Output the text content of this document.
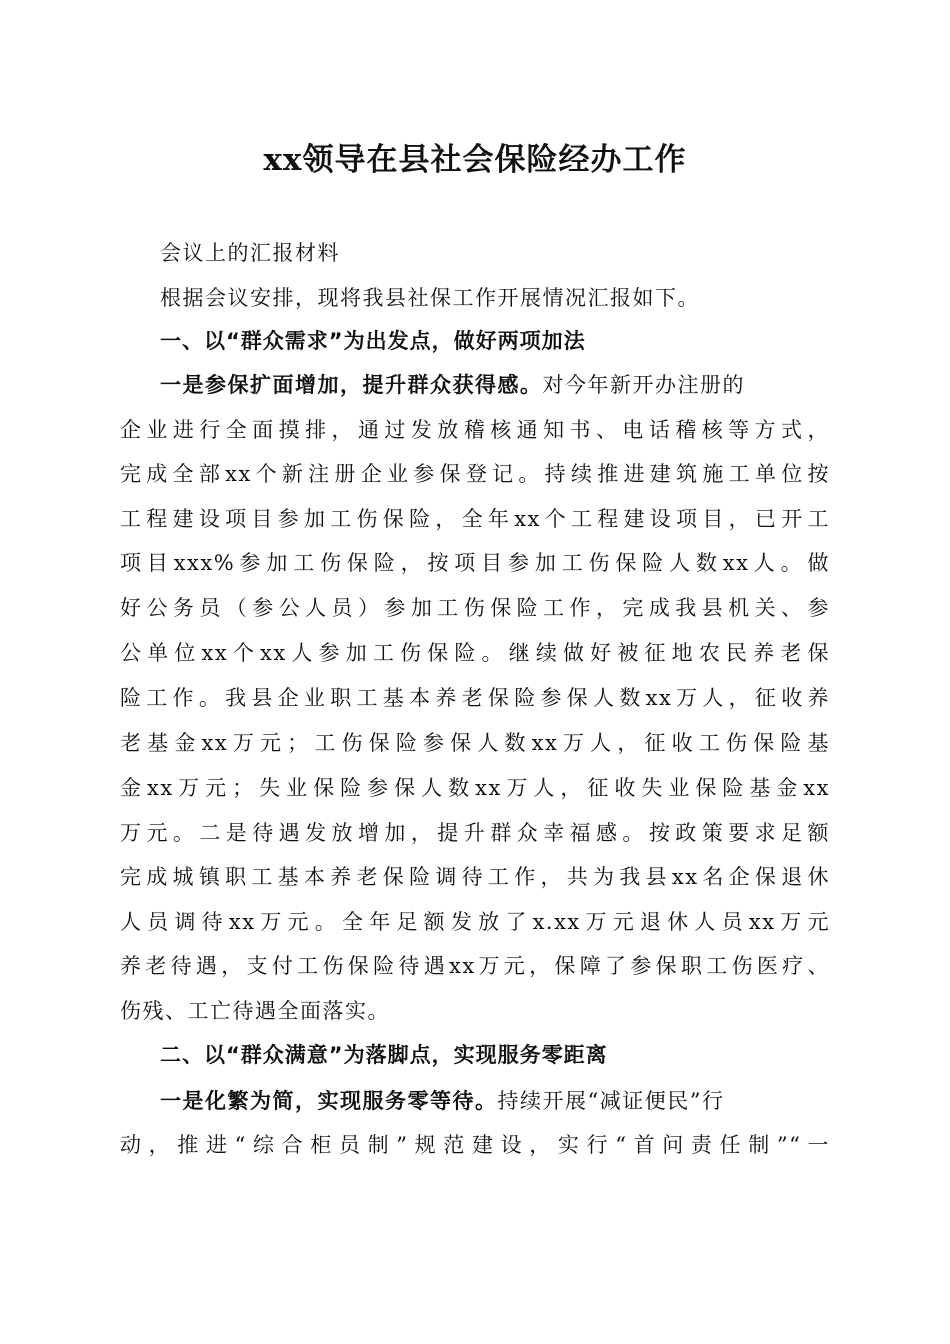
xx领导在县社会保险经办工作
会议上的汇报材料
根据会议安排，现将我县社保工作开展情况汇报如下。
一、以“群众需求”为出发点，做好两项加法
一是参保扩面增加，提升群众获得感。对今年新开办注册的
企业进行全面摸排，通过发放稽核通知书、电话稽核等方式，
完成全部xx个新注册企业参保登记。持续推进建筑施工单位按
工程建设项目参加工伤保险，全年xx个工程建设项目，已开工
项目xxx%参加工伤保险，按项目参加工伤保险人数xx人。做
好公务员（参公人员）参加工伤保险工作，完成我县机关、参
公单位xx个xx人参加工伤保险。继续做好被征地农民养老保
险工作。我县企业职工基本养老保险参保人数xx万人，征收养
老基金xx万元；工伤保险参保人数xx万人，征收工伤保险基
金xx万元；失业保险参保人数xx万人，征收失业保险基金xx
万元。二是待遇发放增加，提升群众幸福感。按政策要求足额
完成城镇职工基本养老保险调待工作，共为我县xx名企保退休
人员调待xx万元。全年足额发放了x.xx万元退休人员xx万元
养老待遇，支付工伤保险待遇xx万元，保障了参保职工伤医疗、
伤残、工亡待遇全面落实。
二、以“群众满意”为落脚点，实现服务零距离
一是化繁为简，实现服务零等待。持续开展“减证便民”行
动，推进“综合柜员制”规范建设，实行“首问责任制”“一
